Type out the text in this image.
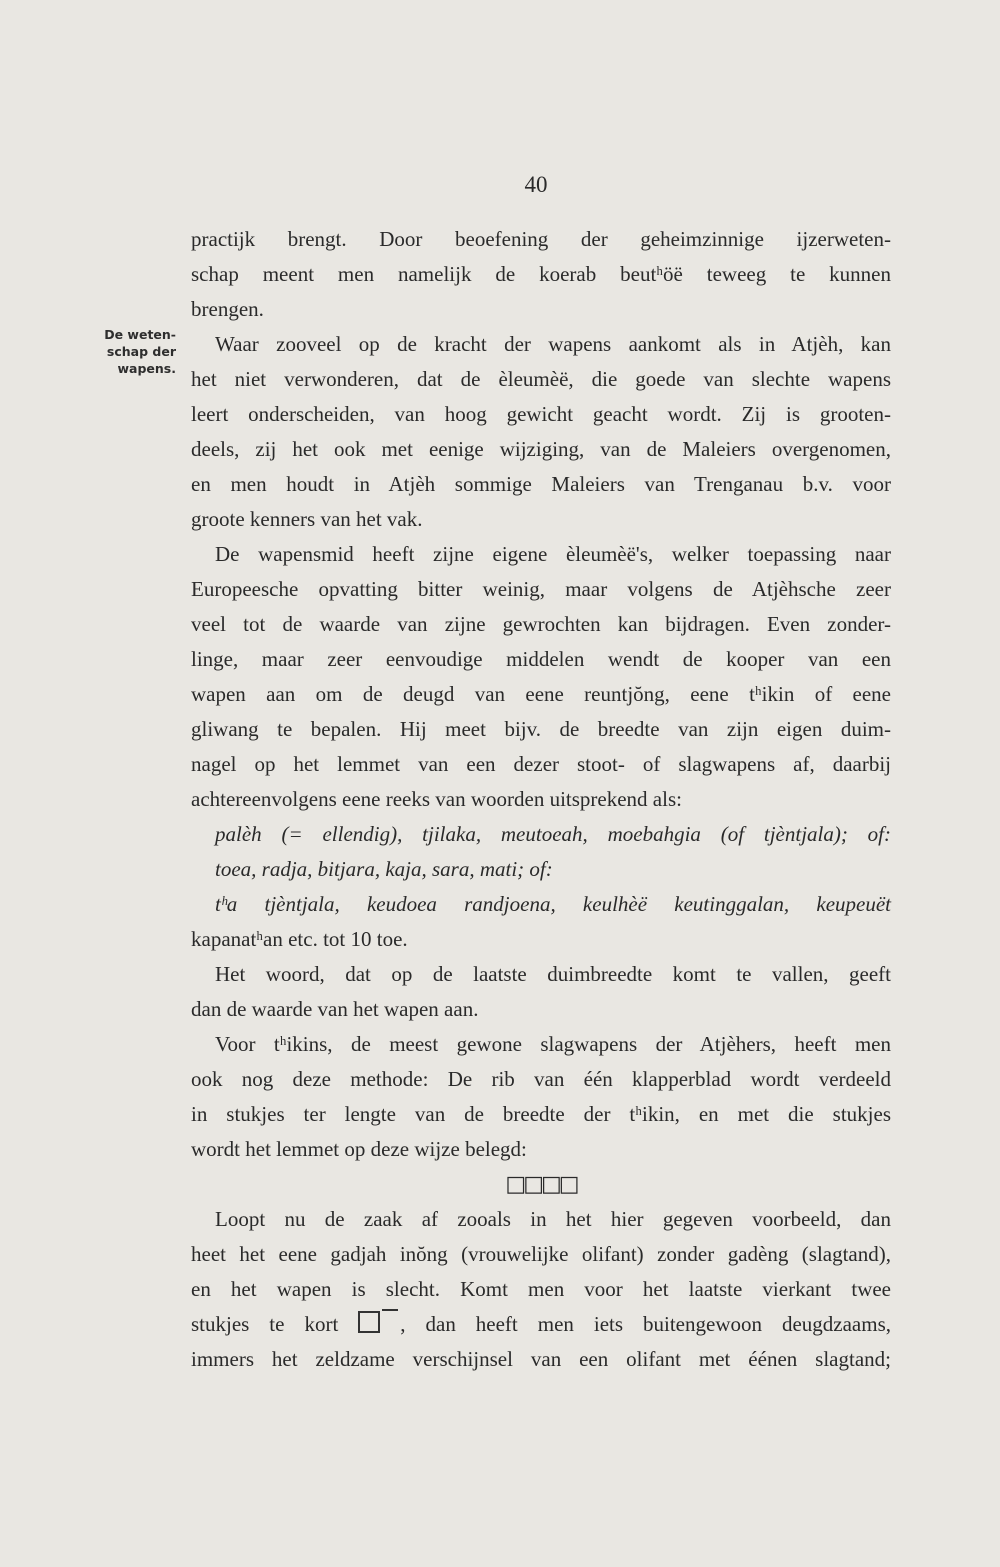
40
De weten-
schap der
wapens.
practijk brengt. Door beoefening der geheimzinnige ijzerweten-
schap meent men namelijk de koerab beutʰöë teweeg te kunnen
brengen.
Waar zooveel op de kracht der wapens aankomt als in Atjèh, kan
het niet verwonderen, dat de èleumèë, die goede van slechte wapens
leert onderscheiden, van hoog gewicht geacht wordt. Zij is grooten-
deels, zij het ook met eenige wijziging, van de Maleiers overgenomen,
en men houdt in Atjèh sommige Maleiers van Trenganau b.v. voor
groote kenners van het vak.
De wapensmid heeft zijne eigene èleumèë's, welker toepassing naar
Europeesche opvatting bitter weinig, maar volgens de Atjèhsche zeer
veel tot de waarde van zijne gewrochten kan bijdragen. Even zonder-
linge, maar zeer eenvoudige middelen wendt de kooper van een
wapen aan om de deugd van eene reuntjŏng, eene tʰikin of eene
gliwang te bepalen. Hij meet bijv. de breedte van zijn eigen duim-
nagel op het lemmet van een dezer stoot- of slagwapens af, daarbij
achtereenvolgens eene reeks van woorden uitsprekend als:
palèh (= ellendig), tjilaka, meutoeah, moebahgia (of tjèntjala); of:
toea, radja, bitjara, kaja, sara, mati; of:
tʰa tjèntjala, keudoea randjoena, keulhèë keutinggalan, keupeuët
kapanatʰan etc. tot 10 toe.
Het woord, dat op de laatste duimbreedte komt te vallen, geeft
dan de waarde van het wapen aan.
Voor tʰikins, de meest gewone slagwapens der Atjèhers, heeft men
ook nog deze methode: De rib van één klapperblad wordt verdeeld
in stukjes ter lengte van de breedte der tʰikin, en met die stukjes
wordt het lemmet op deze wijze belegd:
□□□□
Loopt nu de zaak af zooals in het hier gegeven voorbeeld, dan
heet het eene gadjah inŏng (vrouwelijke olifant) zonder gadèng (slagtand),
en het wapen is slecht. Komt men voor het laatste vierkant twee
stukjes te kort	, dan heeft men iets buitengewoon deugdzaams,
immers het zeldzame verschijnsel van een olifant met éénen slagtand;
